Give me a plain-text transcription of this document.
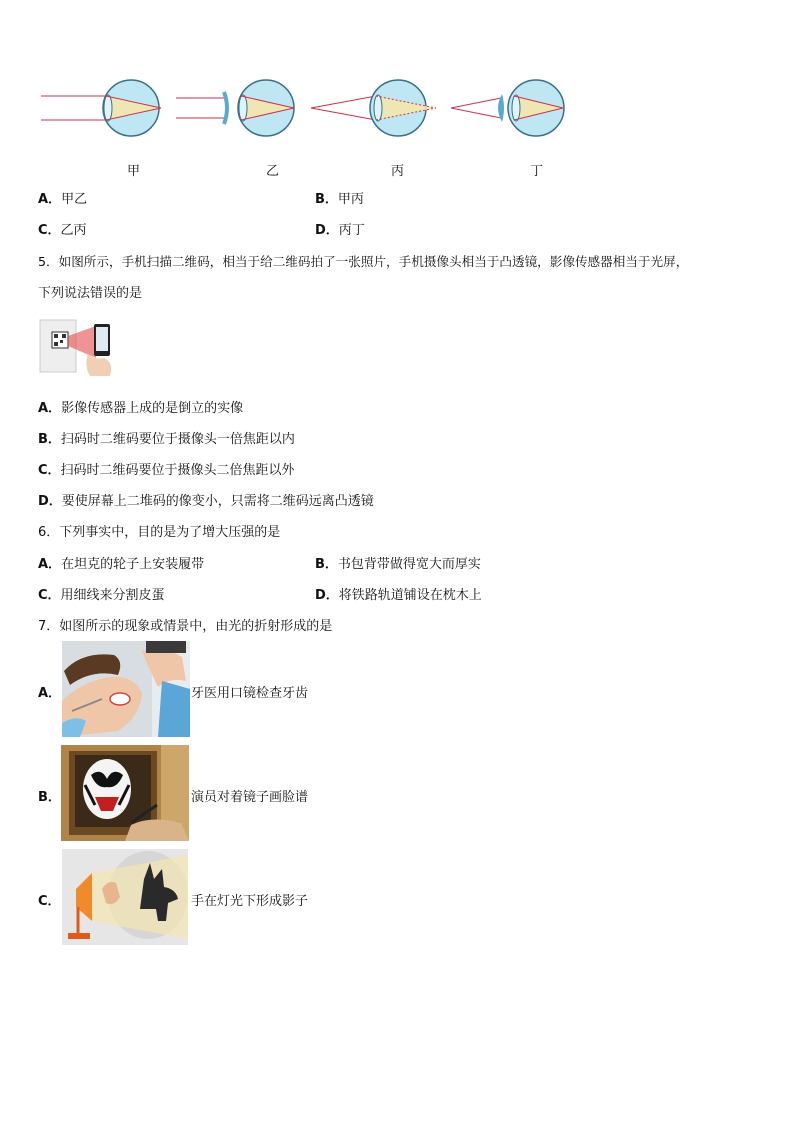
甲	乙	丙	丁
A．甲乙	B．甲丙
C．乙丙	D．丙丁
5．如图所示，手机扫描二维码，相当于给二维码拍了一张照片，手机摄像头相当于凸透镜，影像传感器相当于光屏，
下列说法错误的是
A．影像传感器上成的是倒立的实像
B．扫码时二维码要位于摄像头一倍焦距以内
C．扫码时二维码要位于摄像头二倍焦距以外
D．要使屏幕上二堆码的像变小，只需将二维码远离凸透镜
6．下列事实中，目的是为了增大压强的是
A．在坦克的轮子上安装履带	B．书包背带做得宽大而厚实
C．用细线来分割皮蛋	D．将铁路轨道铺设在枕木上
7．如图所示的现象或情景中，由光的折射形成的是
A．	牙医用口镜检查牙齿
B．	演员对着镜子画脸谱
C．	手在灯光下形成影子
